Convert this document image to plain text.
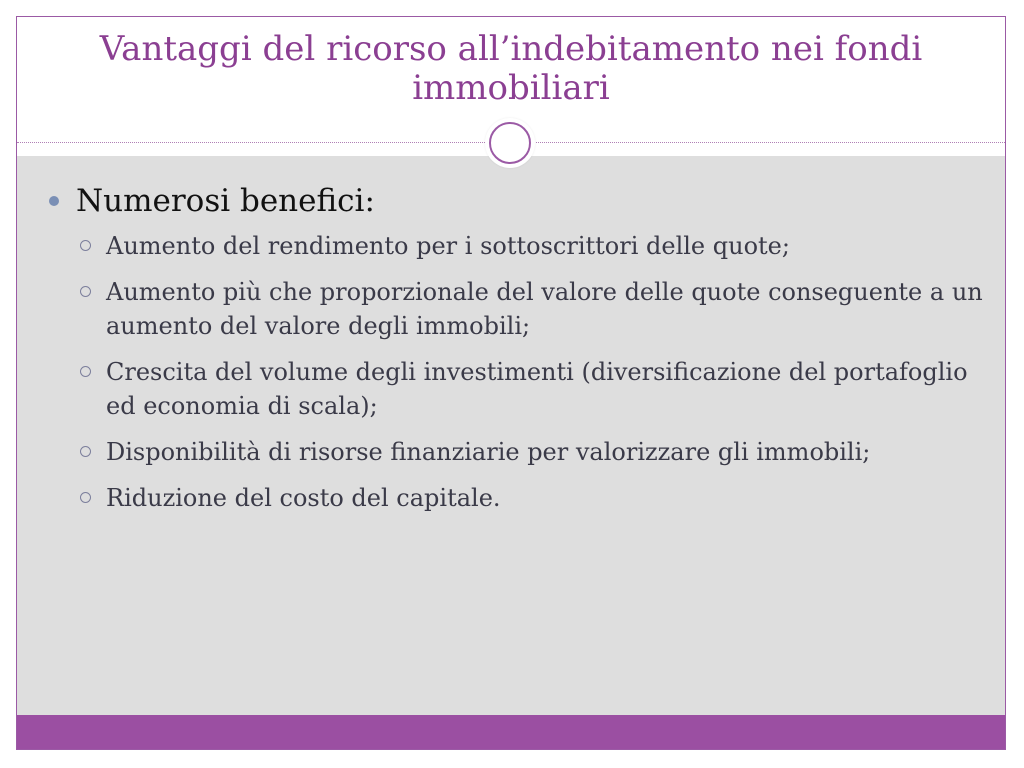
Vantaggi del ricorso all’indebitamento nei fondi immobiliari
Numerosi benefici:
Aumento del rendimento per i sottoscrittori delle quote;
Aumento più che proporzionale del valore delle quote conseguente a un aumento del valore degli immobili;
Crescita del volume degli investimenti (diversificazione del portafoglio ed economia di scala);
Disponibilità di risorse finanziarie per valorizzare gli immobili;
Riduzione del costo del capitale.
